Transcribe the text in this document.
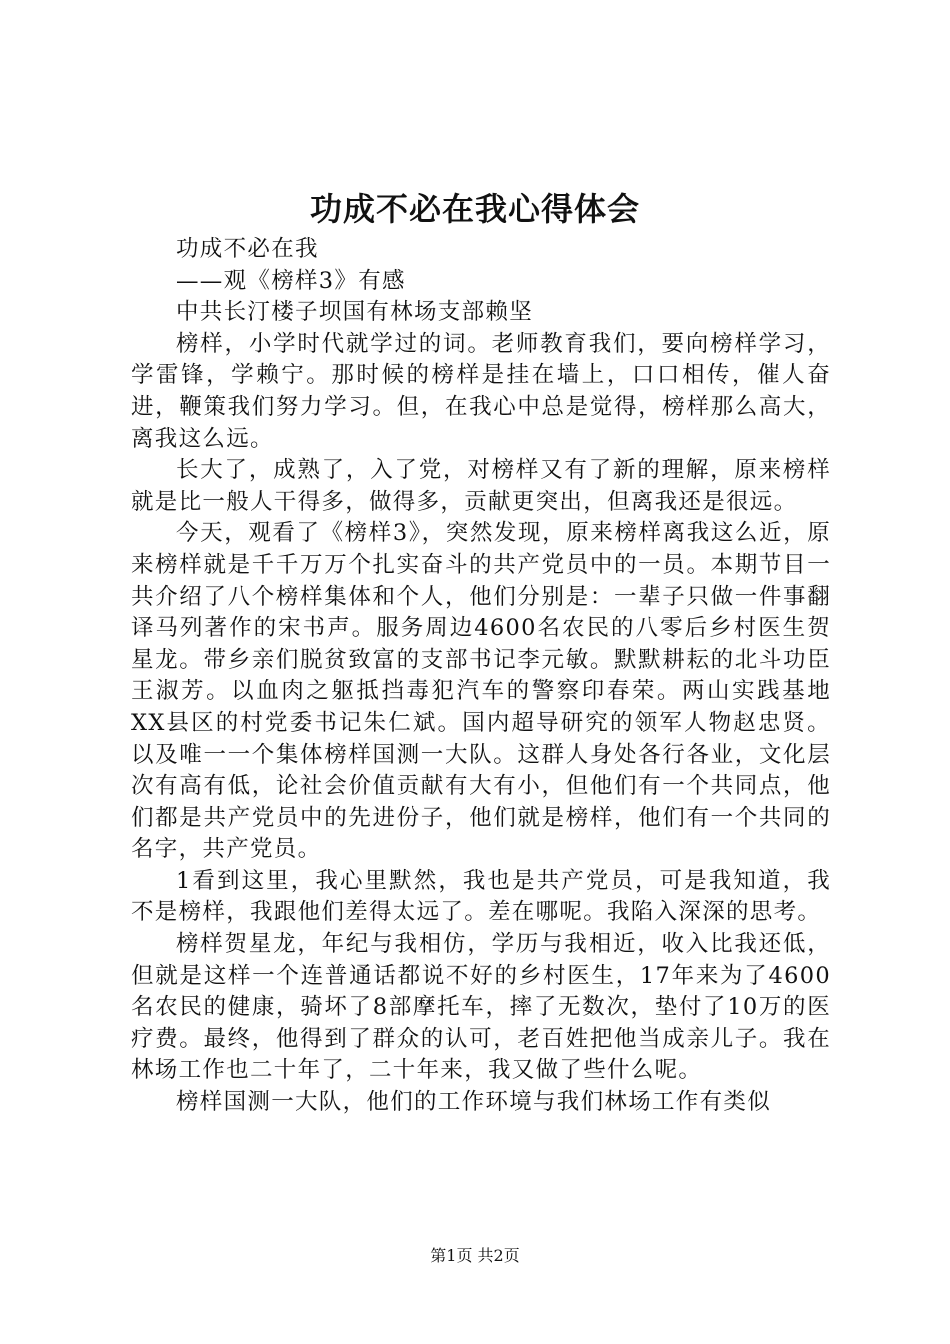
功成不必在我心得体会

功成不必在我

——观《榜样3》有感

中共长汀楼子坝国有林场支部赖坚

榜样，小学时代就学过的词。老师教育我们，要向榜样学习，学雷锋，学赖宁。那时候的榜样是挂在墙上，口口相传，催人奋进，鞭策我们努力学习。但，在我心中总是觉得，榜样那么高大，离我这么远。

长大了，成熟了，入了党，对榜样又有了新的理解，原来榜样就是比一般人干得多，做得多，贡献更突出，但离我还是很远。

今天，观看了《榜样3》，突然发现，原来榜样离我这么近，原来榜样就是千千万万个扎实奋斗的共产党员中的一员。本期节目一共介绍了八个榜样集体和个人，他们分别是：一辈子只做一件事翻译马列著作的宋书声。服务周边4600名农民的八零后乡村医生贺星龙。带乡亲们脱贫致富的支部书记李元敏。默默耕耘的北斗功臣王淑芳。以血肉之躯抵挡毒犯汽车的警察印春荣。两山实践基地XX县区的村党委书记朱仁斌。国内超导研究的领军人物赵忠贤。以及唯一一个集体榜样国测一大队。这群人身处各行各业，文化层次有高有低，论社会价值贡献有大有小，但他们有一个共同点，他们都是共产党员中的先进份子，他们就是榜样，他们有一个共同的名字，共产党员。

1看到这里，我心里默然，我也是共产党员，可是我知道，我不是榜样，我跟他们差得太远了。差在哪呢。我陷入深深的思考。

榜样贺星龙，年纪与我相仿，学历与我相近，收入比我还低，但就是这样一个连普通话都说不好的乡村医生，17年来为了4600名农民的健康，骑坏了8部摩托车，摔了无数次，垫付了10万的医疗费。最终，他得到了群众的认可，老百姓把他当成亲儿子。我在林场工作也二十年了，二十年来，我又做了些什么呢。

榜样国测一大队，他们的工作环境与我们林场工作有类似

第1页 共2页
